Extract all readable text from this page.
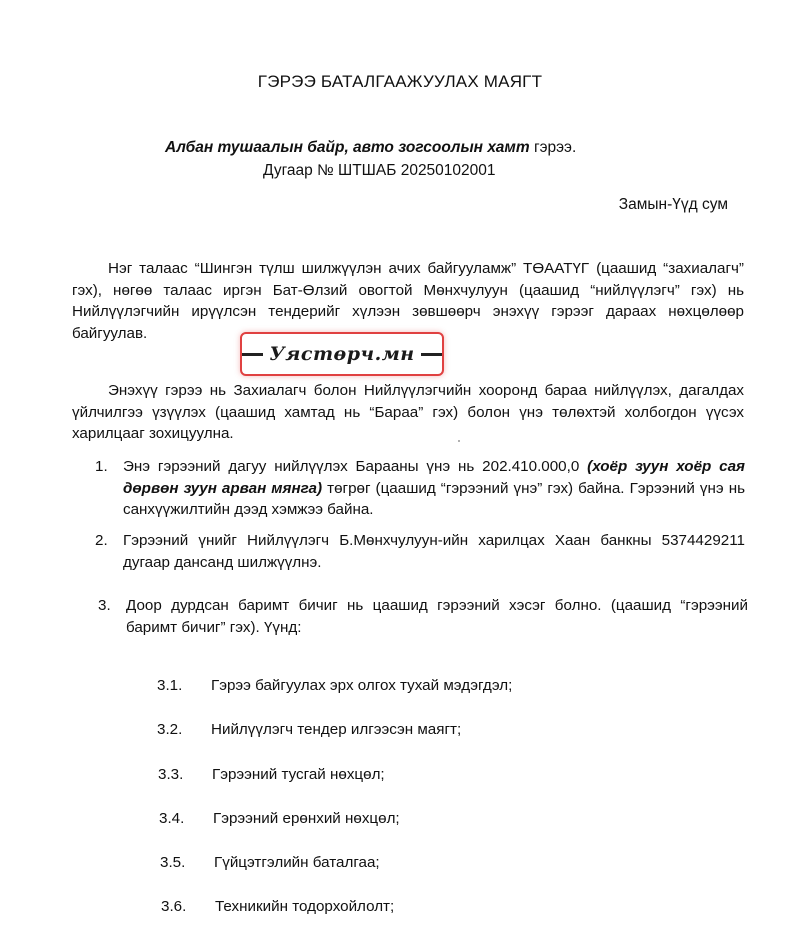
ГЭРЭЭ БАТАЛГААЖУУЛАХ МАЯГТ
Албан тушаалын байр, авто зогсоолын хамт гэрээ.
Дугаар № ШТШАБ 20250102001
Замын-Үүд сум

Нэг талаас “Шингэн түлш шилжүүлэн ачих байгууламж” ТӨААТҮГ (цаашид “захиалагч” гэх), нөгөө талаас иргэн Бат-Өлзий овогтой Мөнхчулуун (цаашид “нийлүүлэгч” гэх) нь Нийлүүлэгчийн ирүүлсэн тендерийг хүлээн зөвшөөрч энэхүү гэрээг дараах нөхцөлөөр байгуулав.

Энэхүү гэрээ нь Захиалагч болон Нийлүүлэгчийн хооронд бараа нийлүүлэх, дагалдах үйлчилгээ үзүүлэх (цаашид хамтад нь “Бараа” гэх) болон үнэ төлөхтэй холбогдон үүсэх харилцааг зохицуулна.

1.	Энэ гэрээний дагуу нийлүүлэх Барааны үнэ нь 202.410.000,0 (хоёр зуун хоёр сая дөрвөн зуун арван мянга) төгрөг (цаашид “гэрээний үнэ” гэх) байна. Гэрээний үнэ нь санхүүжилтийн дээд хэмжээ байна.
2.	Гэрээний үнийг Нийлүүлэгч Б.Мөнхчулуун-ийн харилцах Хаан банкны 5374429211 дугаар дансанд шилжүүлнэ.
3.	Доор дурдсан баримт бичиг нь цаашид гэрээний хэсэг болно. (цаашид “гэрээний баримт бичиг” гэх). Үүнд:
3.1.	Гэрээ байгуулах эрх олгох тухай мэдэгдэл;
3.2.	Нийлүүлэгч тендер илгээсэн маягт;
3.3.	Гэрээний тусгай нөхцөл;
3.4.	Гэрээний ерөнхий нөхцөл;
3.5.	Гүйцэтгэлийн баталгаа;
3.6.	Техникийн тодорхойлолт;
Уястөрч.мн
